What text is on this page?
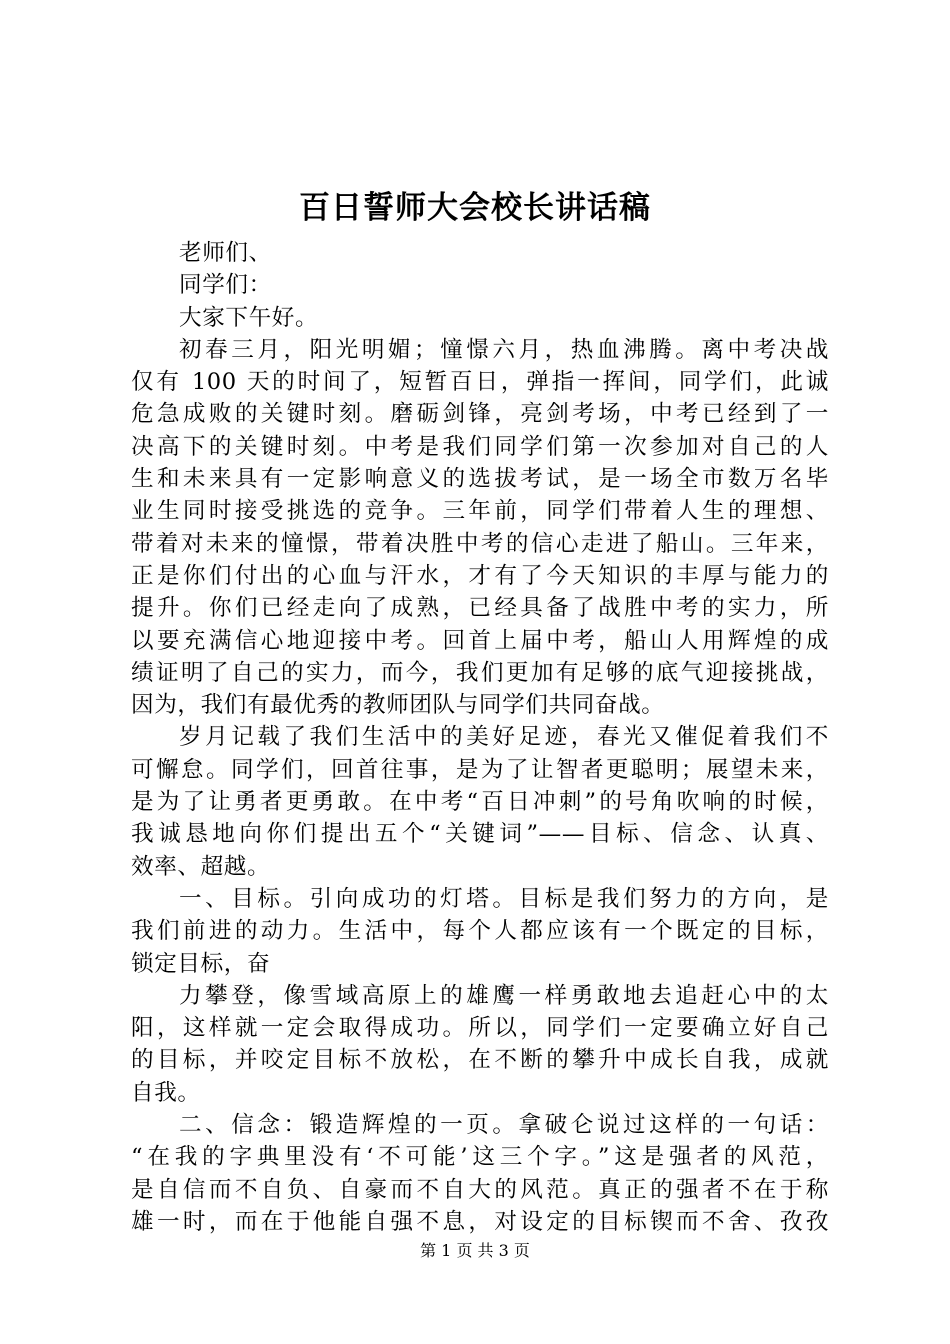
百日誓师大会校长讲话稿
老师们、
同学们：
大家下午好。
初春三月，阳光明媚；憧憬六月，热血沸腾。离中考决战
仅有 100 天的时间了，短暂百日，弹指一挥间，同学们，此诚
危急成败的关键时刻。磨砺剑锋，亮剑考场，中考已经到了一
决高下的关键时刻。中考是我们同学们第一次参加对自己的人
生和未来具有一定影响意义的选拔考试，是一场全市数万名毕
业生同时接受挑选的竞争。三年前，同学们带着人生的理想、
带着对未来的憧憬，带着决胜中考的信心走进了船山。三年来，
正是你们付出的心血与汗水，才有了今天知识的丰厚与能力的
提升。你们已经走向了成熟，已经具备了战胜中考的实力，所
以要充满信心地迎接中考。回首上届中考，船山人用辉煌的成
绩证明了自己的实力，而今，我们更加有足够的底气迎接挑战，
因为，我们有最优秀的教师团队与同学们共同奋战。
岁月记载了我们生活中的美好足迹，春光又催促着我们不
可懈怠。同学们，回首往事，是为了让智者更聪明；展望未来，
是为了让勇者更勇敢。在中考“百日冲刺”的号角吹响的时候，
我诚恳地向你们提出五个“关键词”——目标、信念、认真、
效率、超越。
一、目标。引向成功的灯塔。目标是我们努力的方向，是
我们前进的动力。生活中，每个人都应该有一个既定的目标，
锁定目标，奋
力攀登，像雪域高原上的雄鹰一样勇敢地去追赶心中的太
阳，这样就一定会取得成功。所以，同学们一定要确立好自己
的目标，并咬定目标不放松，在不断的攀升中成长自我，成就
自我。
二、信念：锻造辉煌的一页。拿破仑说过这样的一句话：
“在我的字典里没有‘不可能’这三个字。”这是强者的风范，
是自信而不自负、自豪而不自大的风范。真正的强者不在于称
雄一时，而在于他能自强不息，对设定的目标锲而不舍、孜孜
第 1 页 共 3 页
